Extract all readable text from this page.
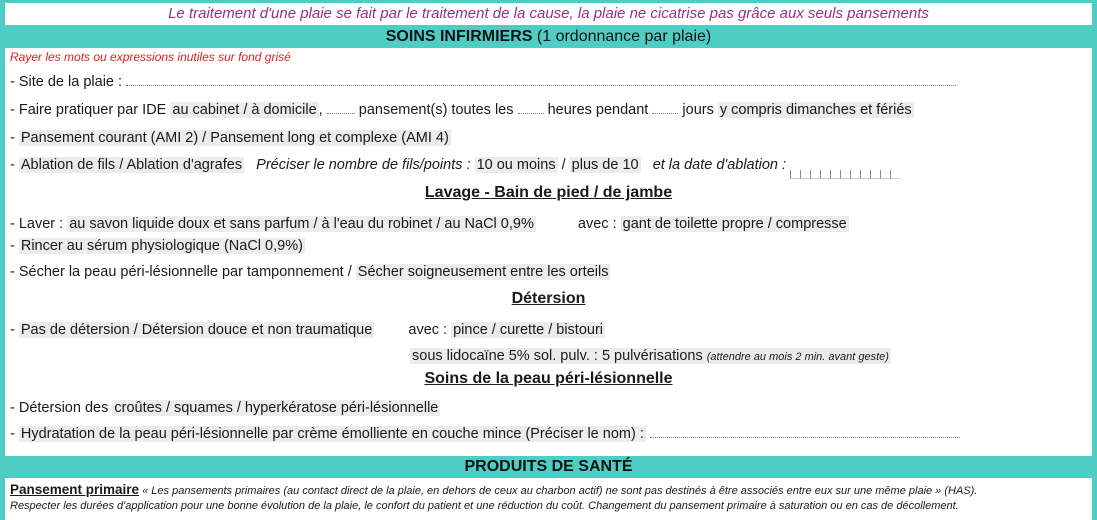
Le traitement d'une plaie se fait par le traitement de la cause, la plaie ne cicatrise pas grâce aux seuls pansements
SOINS INFIRMIERS (1 ordonnance par plaie)
Rayer les mots ou expressions inutiles sur fond grisé
- Site de la plaie :
- Faire pratiquer par IDE au cabinet / à domicile , pansement(s) toutes les heures pendant jours y compris dimanches et fériés
- Pansement courant (AMI 2) / Pansement long et complexe (AMI 4)
- Ablation de fils / Ablation d'agrafes Préciser le nombre de fils/points : 10 ou moins / plus de 10 et la date d'ablation :
Lavage - Bain de pied / de jambe
- Laver : au savon liquide doux et sans parfum / à l'eau du robinet / au NaCl 0,9%	avec : gant de toilette propre / compresse
- Rincer au sérum physiologique (NaCl 0,9%)
- Sécher la peau péri-lésionnelle par tamponnement / Sécher soigneusement entre les orteils
Détersion
- Pas de détersion / Détersion douce et non traumatique avec : pince / curette / bistouri
sous lidocaïne 5% sol. pulv. : 5 pulvérisations (attendre au mois 2 min. avant geste)
Soins de la peau péri-lésionnelle
- Détersion des croûtes / squames / hyperkératose péri-lésionnelle
- Hydratation de la peau péri-lésionnelle par crème émolliente en couche mince (Préciser le nom) :
PRODUITS DE SANTÉ
Pansement primaire « Les pansements primaires (au contact direct de la plaie, en dehors de ceux au charbon actif) ne sont pas destinés à être associés entre eux sur une même plaie » (HAS).
Respecter les durées d'application pour une bonne évolution de la plaie, le confort du patient et une réduction du coût. Changement du pansement primaire à saturation ou en cas de décollement.
